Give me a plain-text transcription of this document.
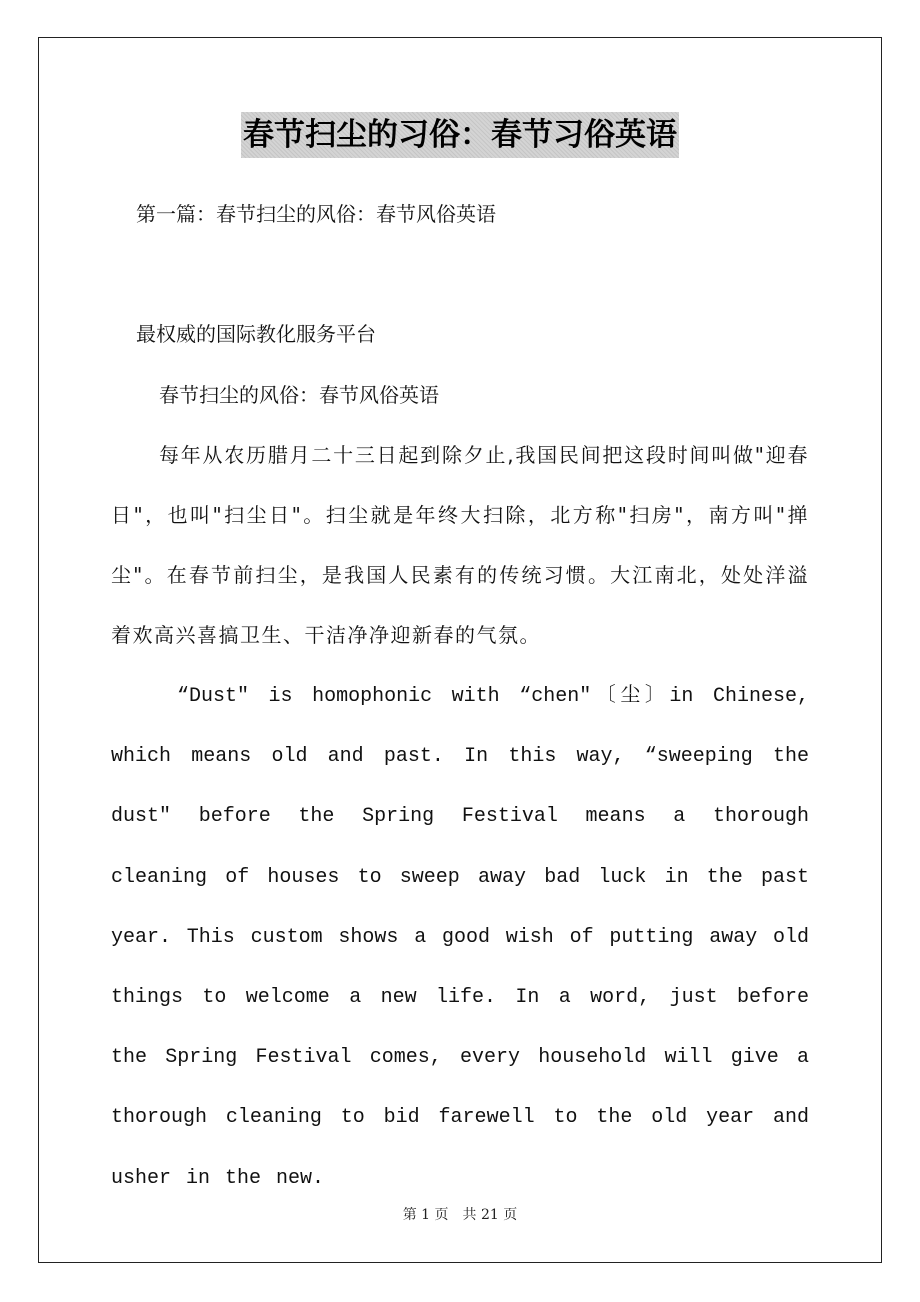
春节扫尘的习俗：春节习俗英语

第一篇：春节扫尘的风俗：春节风俗英语

最权威的国际教化服务平台

春节扫尘的风俗：春节风俗英语

每年从农历腊月二十三日起到除夕止,我国民间把这段时间叫做"迎春日"，也叫"扫尘日"。扫尘就是年终大扫除，北方称"扫房"，南方叫"掸尘"。在春节前扫尘，是我国人民素有的传统习惯。大江南北，处处洋溢着欢高兴喜搞卫生、干洁净净迎新春的气氛。

“Dust″ is homophonic with “chen″〔尘〕in Chinese, which means old and past. In this way, “sweeping the dust″ before the Spring Festival means a thorough cleaning of houses to sweep away bad luck in the past year. This custom shows a good wish of putting away old things to welcome a new life. In a word, just before the Spring Festival comes, every household will give a thorough cleaning to bid farewell to the old year and usher in the new.

第 1 页　共 21 页
